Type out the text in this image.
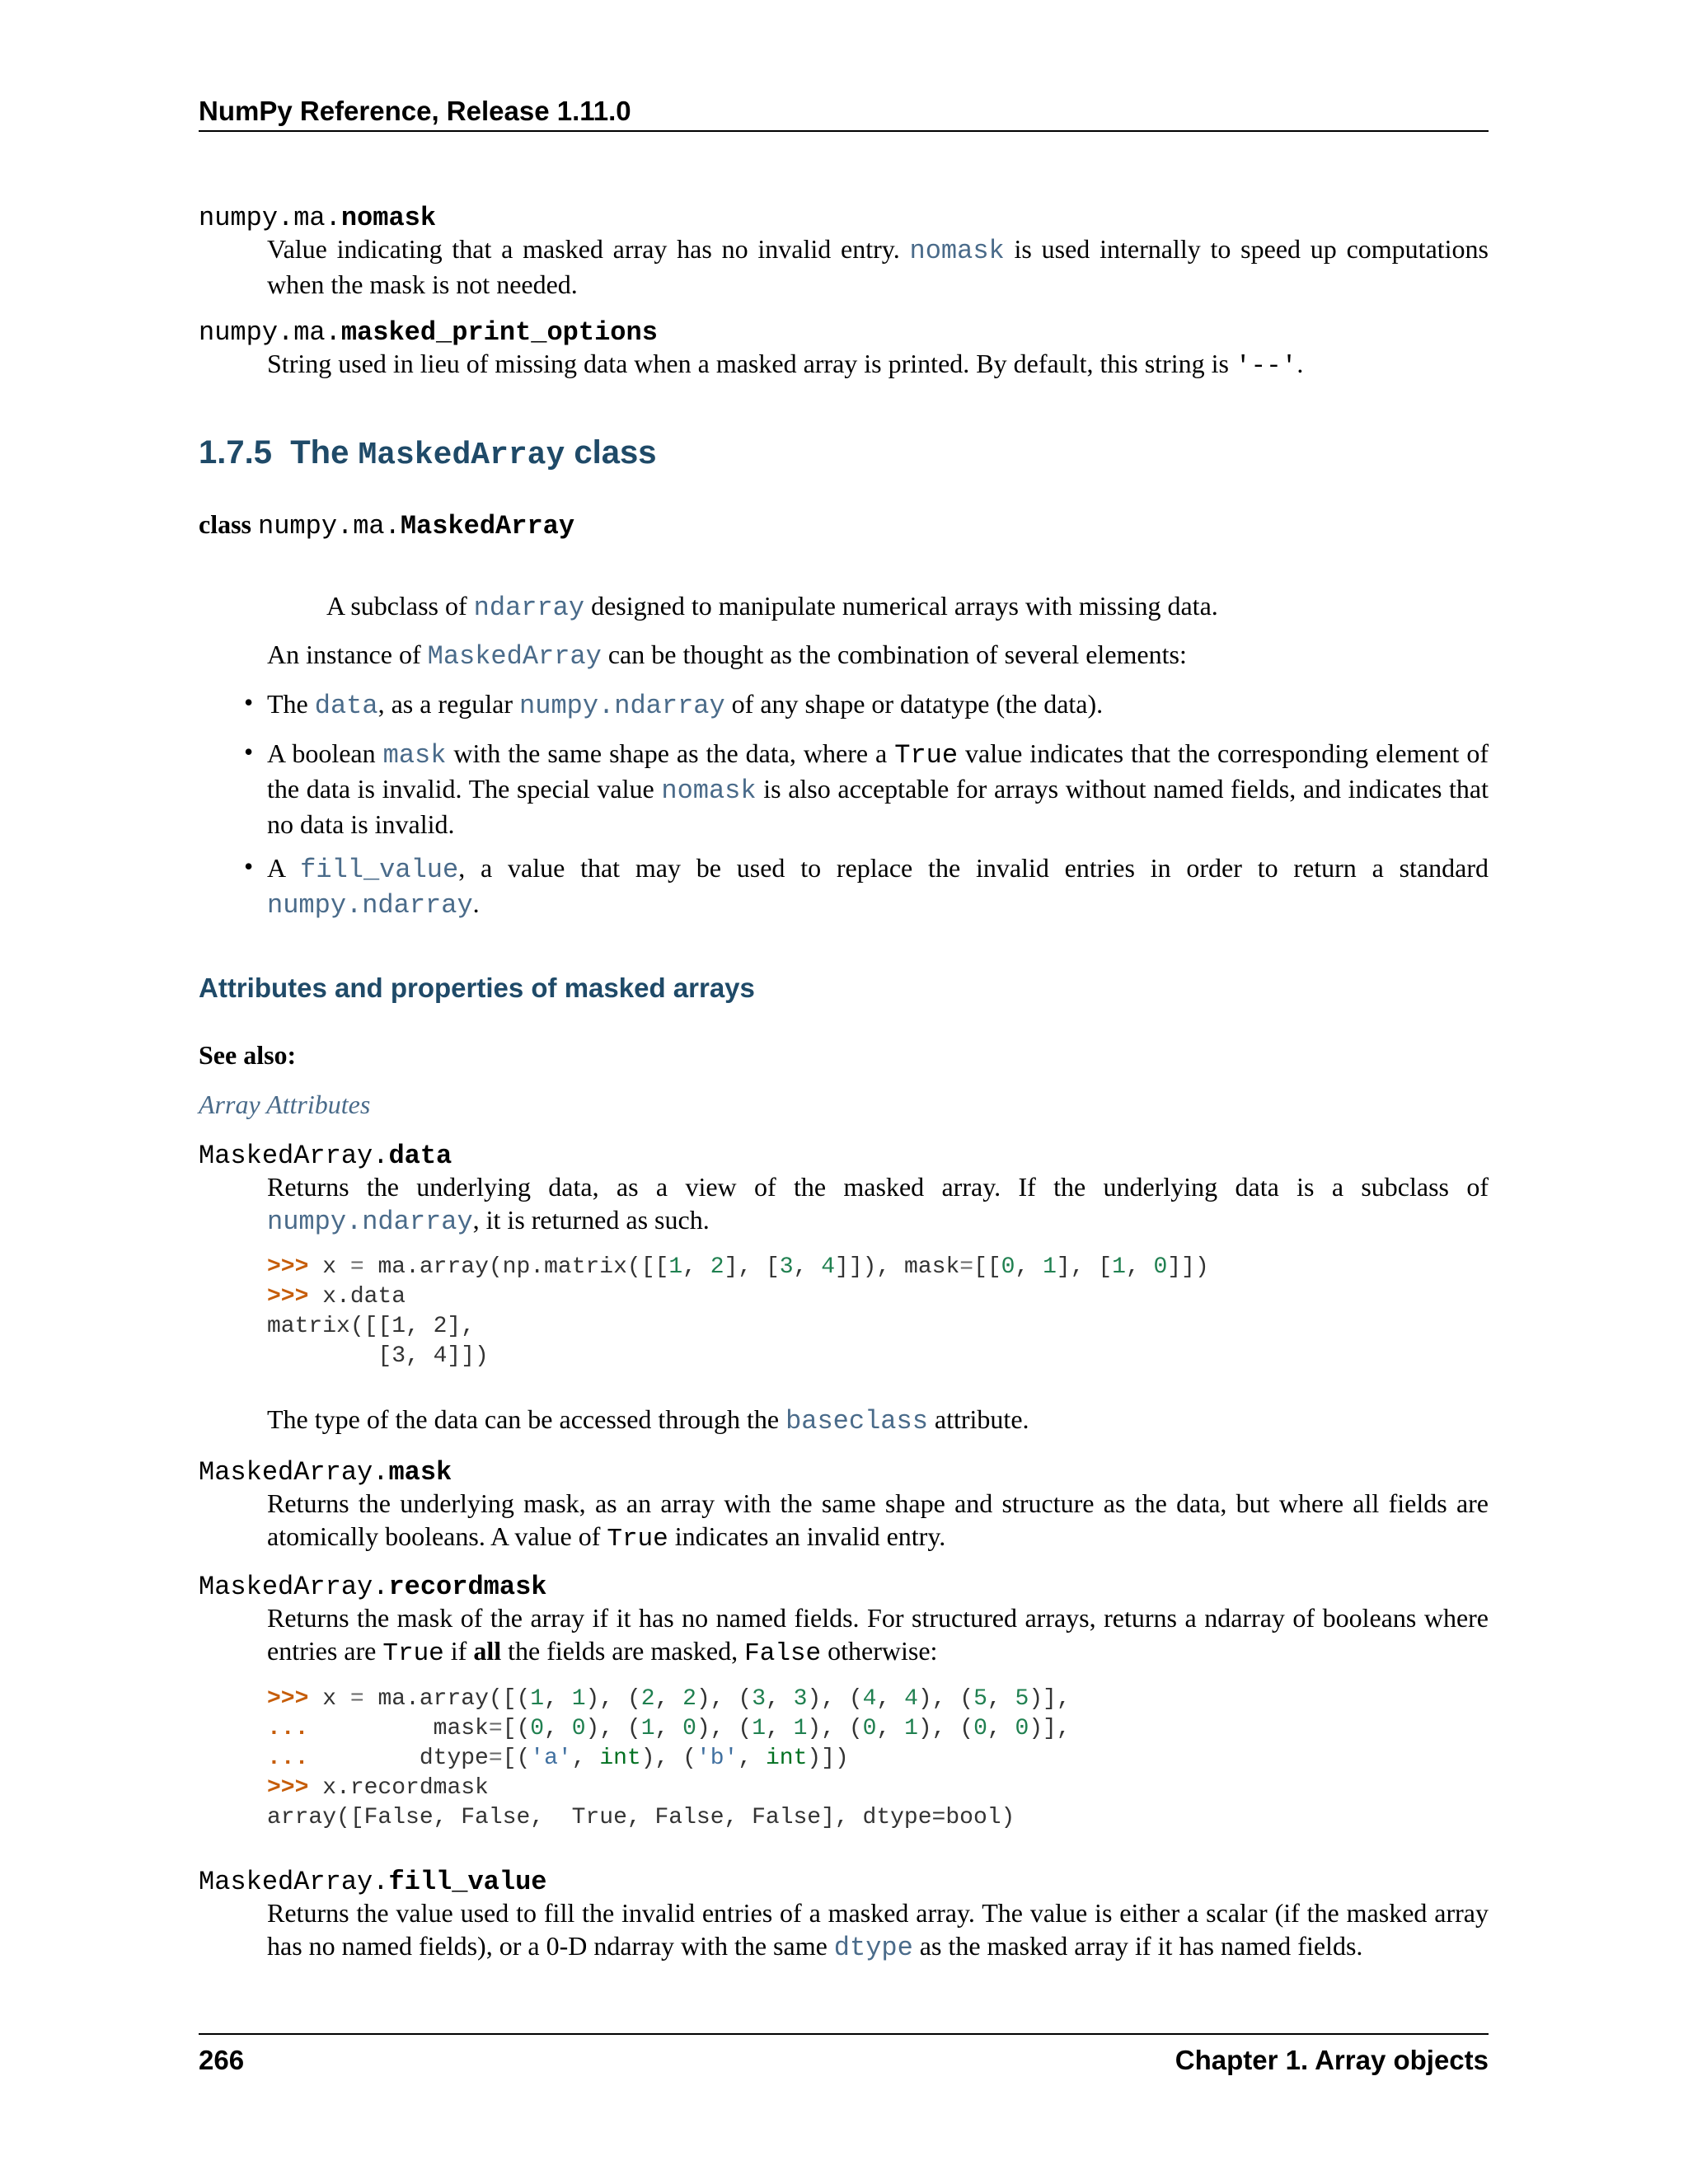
NumPy Reference, Release 1.11.0
numpy.ma.nomask
Value indicating that a masked array has no invalid entry. nomask is used internally to speed up computations when the mask is not needed.
numpy.ma.masked_print_options
String used in lieu of missing data when a masked array is printed. By default, this string is '--'.
1.7.5 The MaskedArray class
class numpy.ma.MaskedArray
A subclass of ndarray designed to manipulate numerical arrays with missing data.
An instance of MaskedArray can be thought as the combination of several elements:
• The data, as a regular numpy.ndarray of any shape or datatype (the data).
• A boolean mask with the same shape as the data, where a True value indicates that the corresponding element of the data is invalid. The special value nomask is also acceptable for arrays without named fields, and indicates that no data is invalid.
• A fill_value, a value that may be used to replace the invalid entries in order to return a standard numpy.ndarray.
Attributes and properties of masked arrays
See also:
Array Attributes
MaskedArray.data
Returns the underlying data, as a view of the masked array. If the underlying data is a subclass of numpy.ndarray, it is returned as such.
>>> x = ma.array(np.matrix([[1, 2], [3, 4]]), mask=[[0, 1], [1, 0]])
>>> x.data
matrix([[1, 2],
[3, 4]])
The type of the data can be accessed through the baseclass attribute.
MaskedArray.mask
Returns the underlying mask, as an array with the same shape and structure as the data, but where all fields are atomically booleans. A value of True indicates an invalid entry.
MaskedArray.recordmask
Returns the mask of the array if it has no named fields. For structured arrays, returns a ndarray of booleans where entries are True if all the fields are masked, False otherwise:
>>> x = ma.array([(1, 1), (2, 2), (3, 3), (4, 4), (5, 5)],
...         mask=[(0, 0), (1, 0), (1, 1), (0, 1), (0, 0)],
...        dtype=[('a', int), ('b', int)])
>>> x.recordmask
array([False, False,  True, False, False], dtype=bool)
MaskedArray.fill_value
Returns the value used to fill the invalid entries of a masked array. The value is either a scalar (if the masked array has no named fields), or a 0-D ndarray with the same dtype as the masked array if it has named fields.
266	Chapter 1. Array objects
